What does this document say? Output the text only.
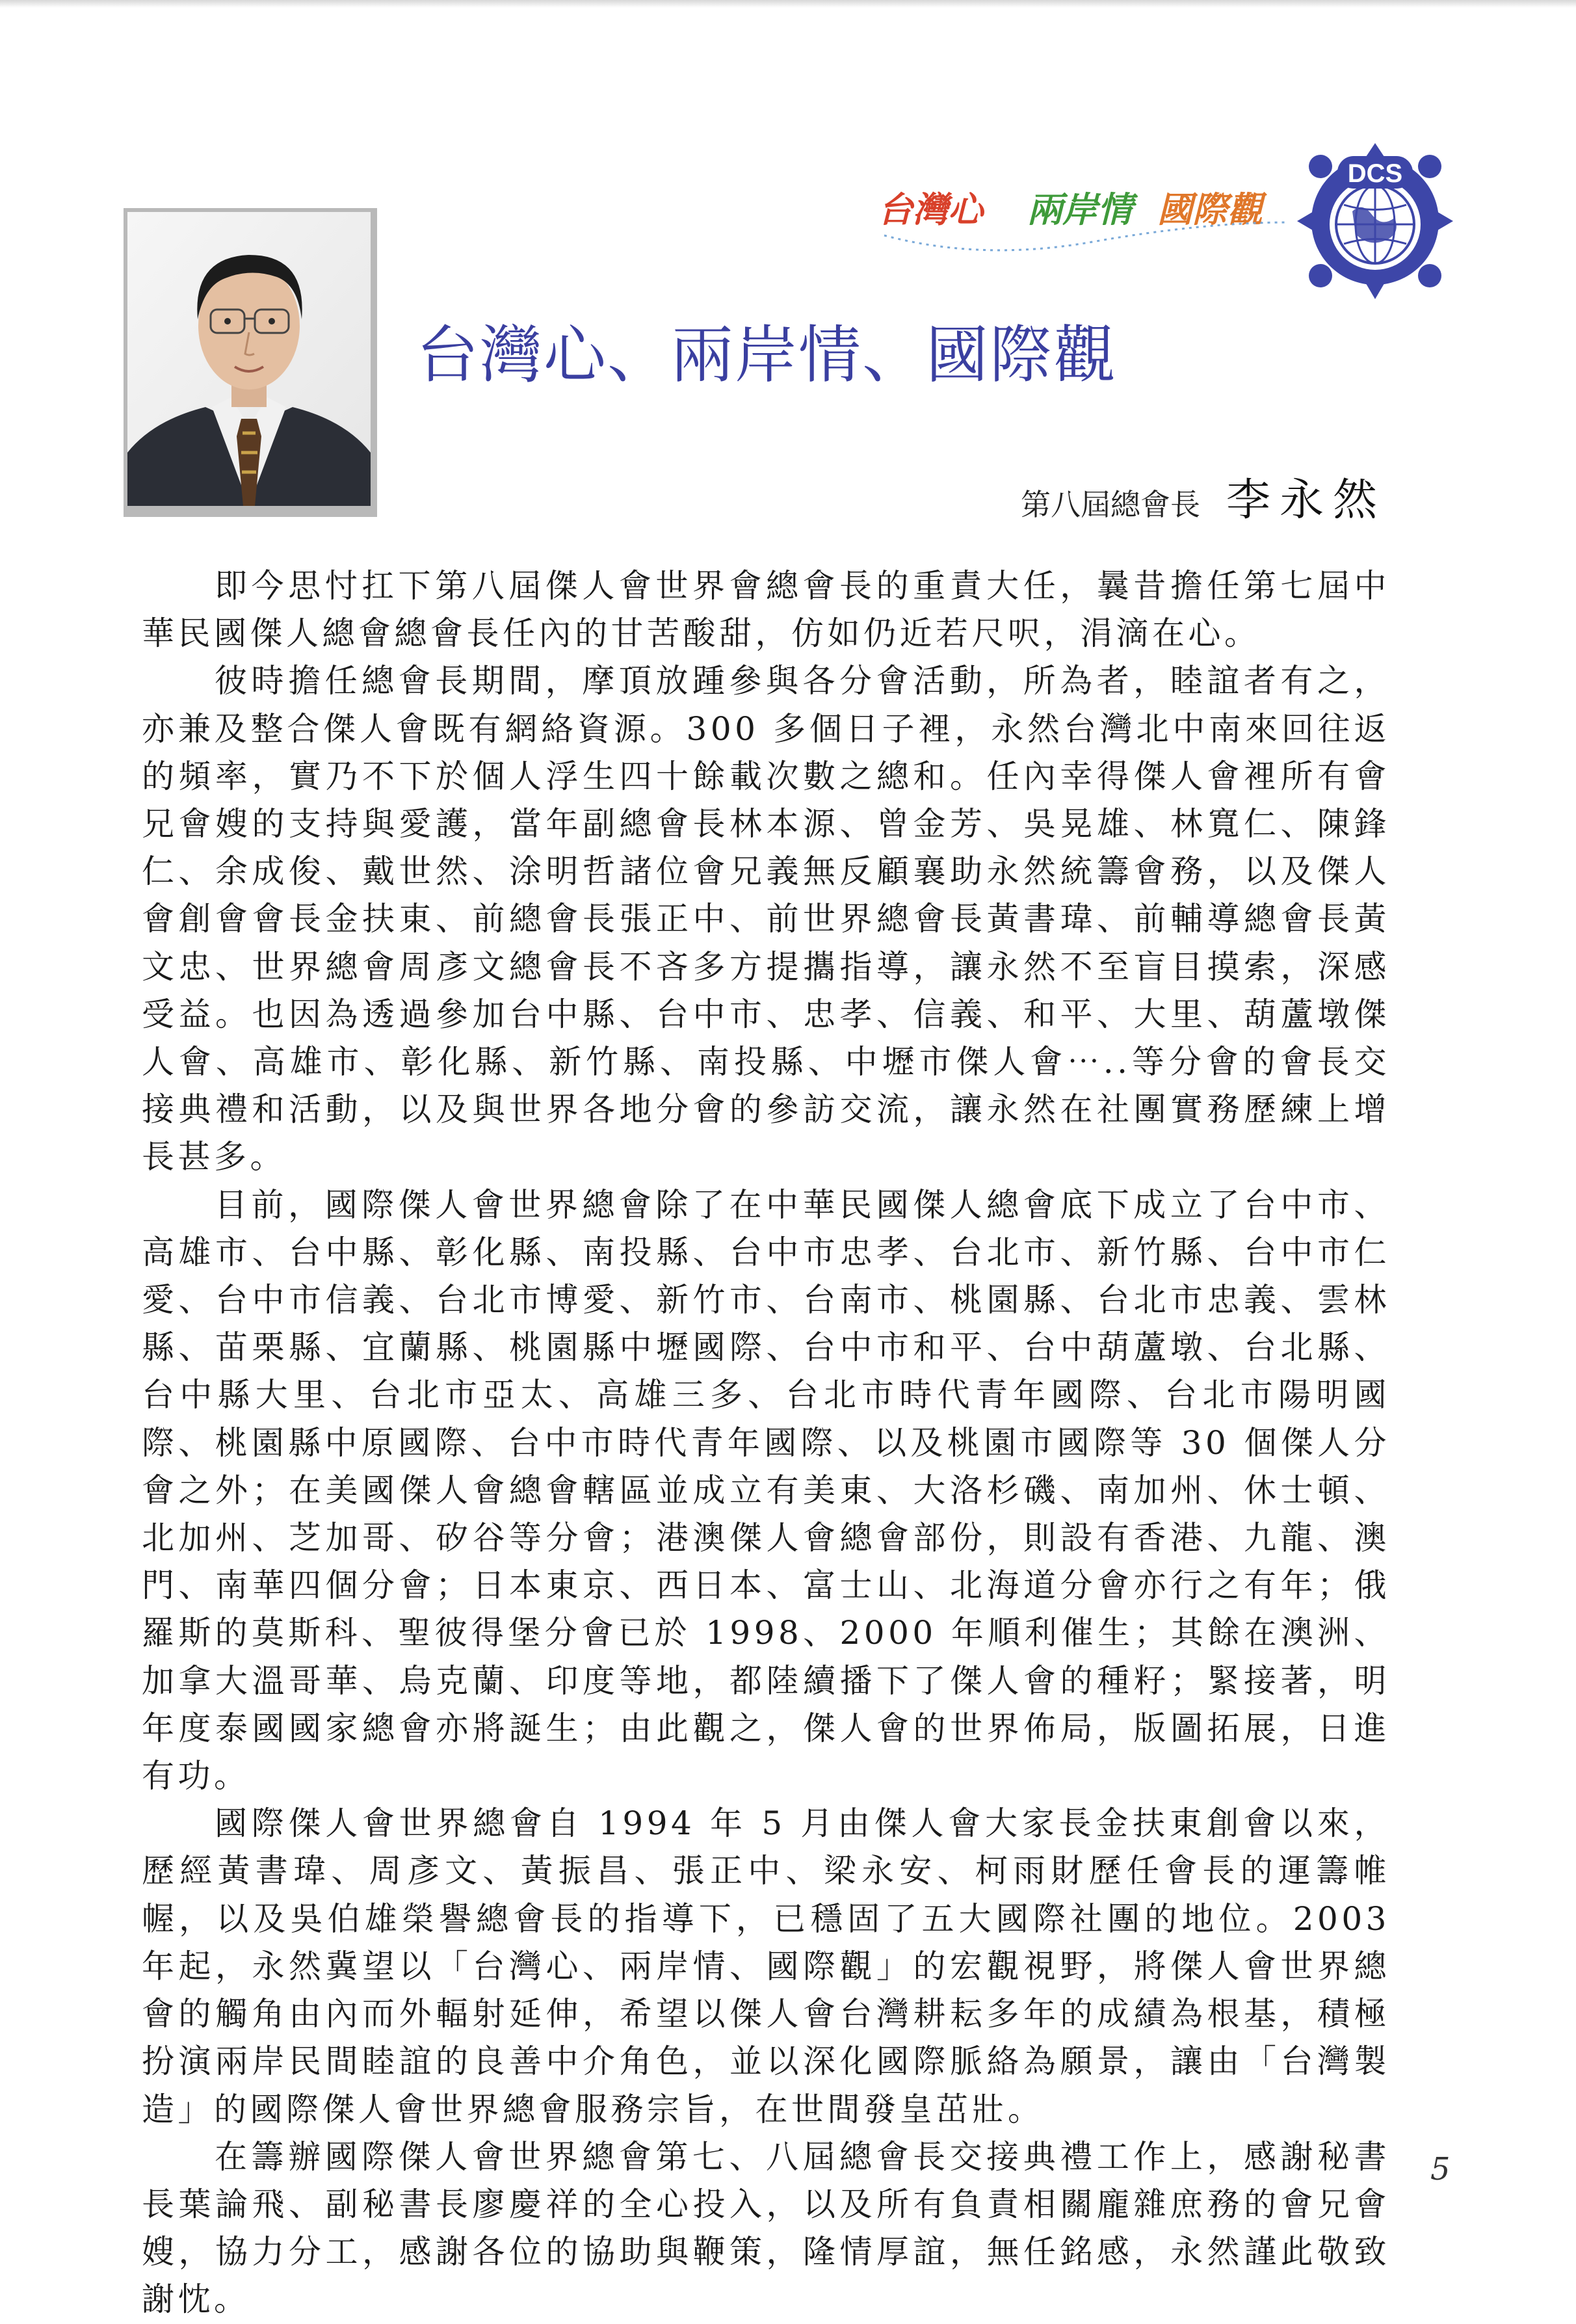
台灣心 兩岸情 國際觀
DCS
台灣心、兩岸情、國際觀
第八屆總會長 李永然

即今思忖扛下第八屆傑人會世界會總會長的重責大任，曩昔擔任第七屆中華民國傑人總會總會長任內的甘苦酸甜，仿如仍近若尺呎，涓滴在心。

彼時擔任總會長期間，摩頂放踵參與各分會活動，所為者，睦誼者有之，亦兼及整合傑人會既有網絡資源。300 多個日子裡，永然台灣北中南來回往返的頻率，實乃不下於個人浮生四十餘載次數之總和。任內幸得傑人會裡所有會兄會嫂的支持與愛護，當年副總會長林本源、曾金芳、吳晃雄、林寬仁、陳鋒仁、余成俊、戴世然、涂明哲諸位會兄義無反顧襄助永然統籌會務，以及傑人會創會會長金扶東、前總會長張正中、前世界總會長黃書瑋、前輔導總會長黃文忠、世界總會周彥文總會長不吝多方提攜指導，讓永然不至盲目摸索，深感受益。也因為透過參加台中縣、台中市、忠孝、信義、和平、大里、葫蘆墩傑人會、高雄市、彰化縣、新竹縣、南投縣、中壢市傑人會⋯..等分會的會長交接典禮和活動，以及與世界各地分會的參訪交流，讓永然在社團實務歷練上增長甚多。

目前，國際傑人會世界總會除了在中華民國傑人總會底下成立了台中市、高雄市、台中縣、彰化縣、南投縣、台中市忠孝、台北市、新竹縣、台中市仁愛、台中市信義、台北市博愛、新竹市、台南市、桃園縣、台北市忠義、雲林縣、苗栗縣、宜蘭縣、桃園縣中壢國際、台中市和平、台中葫蘆墩、台北縣、台中縣大里、台北市亞太、高雄三多、台北市時代青年國際、台北市陽明國際、桃園縣中原國際、台中市時代青年國際、以及桃園市國際等 30 個傑人分會之外；在美國傑人會總會轄區並成立有美東、大洛杉磯、南加州、休士頓、北加州、芝加哥、矽谷等分會；港澳傑人會總會部份，則設有香港、九龍、澳門、南華四個分會；日本東京、西日本、富士山、北海道分會亦行之有年；俄羅斯的莫斯科、聖彼得堡分會已於 1998、2000 年順利催生；其餘在澳洲、加拿大溫哥華、烏克蘭、印度等地，都陸續播下了傑人會的種籽；緊接著，明年度泰國國家總會亦將誕生；由此觀之，傑人會的世界佈局，版圖拓展，日進有功。

國際傑人會世界總會自 1994 年 5 月由傑人會大家長金扶東創會以來，歷經黃書瑋、周彥文、黃振昌、張正中、梁永安、柯雨財歷任會長的運籌帷幄，以及吳伯雄榮譽總會長的指導下，已穩固了五大國際社團的地位。2003 年起，永然冀望以「台灣心、兩岸情、國際觀」的宏觀視野，將傑人會世界總會的觸角由內而外輻射延伸，希望以傑人會台灣耕耘多年的成績為根基，積極扮演兩岸民間睦誼的良善中介角色，並以深化國際脈絡為願景，讓由「台灣製造」的國際傑人會世界總會服務宗旨，在世間發皇茁壯。

在籌辦國際傑人會世界總會第七、八屆總會長交接典禮工作上，感謝秘書長葉論飛、副秘書長廖慶祥的全心投入，以及所有負責相關龐雜庶務的會兄會嫂，協力分工，感謝各位的協助與鞭策，隆情厚誼，無任銘感，永然謹此敬致謝忱。

5
